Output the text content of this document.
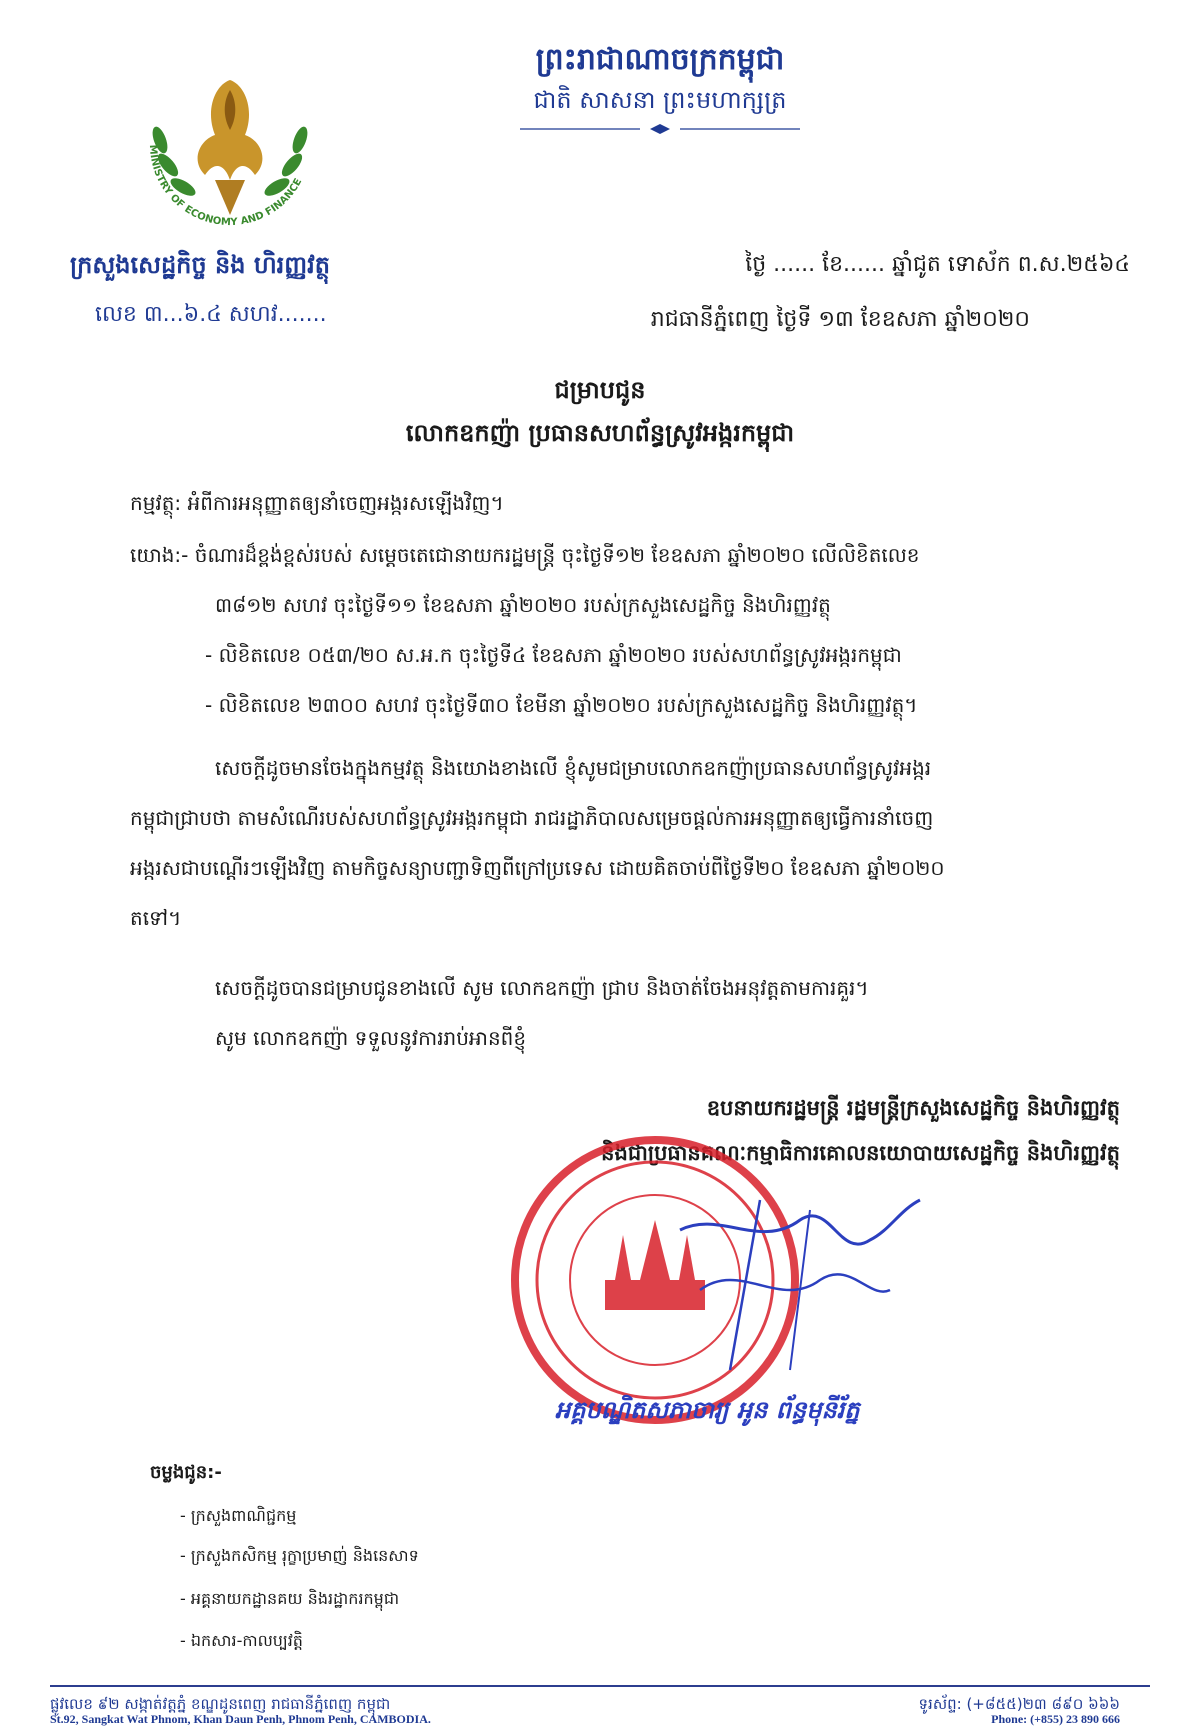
MINISTRY OF ECONOMY AND FINANCE
ក្រសួងសេដ្ឋកិច្ច និង ហិរញ្ញវត្ថុ
លេខ ៣...៦.៤ សហវ.......
ព្រះរាជាណាចក្រកម្ពុជា
ជាតិ សាសនា ព្រះមហាក្សត្រ
ថ្ងៃ ...... ខែ...... ឆ្នាំជូត ទោស័ក ព.ស.២៥៦៤
រាជធានីភ្នំពេញ ថ្ងៃទី ១៣ ខែឧសភា ឆ្នាំ២០២០
ជម្រាបជូន
លោកឧកញ៉ា ប្រធានសហព័ន្ធស្រូវអង្ករកម្ពុជា
កម្មវត្ថុ: អំពីការអនុញ្ញាតឲ្យនាំចេញអង្ករសឡើងវិញ។
យោង:- ចំណារដ៏ខ្ពង់ខ្ពស់របស់ សម្តេចតេជោនាយករដ្ឋមន្ត្រី ចុះថ្ងៃទី១២ ខែឧសភា ឆ្នាំ២០២០ លើលិខិតលេខ
៣៨១២ សហវ ចុះថ្ងៃទី១១ ខែឧសភា ឆ្នាំ២០២០ របស់ក្រសួងសេដ្ឋកិច្ច និងហិរញ្ញវត្ថុ
- លិខិតលេខ ០៥៣/២០ ស.អ.ក ចុះថ្ងៃទី៤ ខែឧសភា ឆ្នាំ២០២០ របស់សហព័ន្ធស្រូវអង្ករកម្ពុជា
- លិខិតលេខ ២៣០០ សហវ ចុះថ្ងៃទី៣០ ខែមីនា ឆ្នាំ២០២០ របស់ក្រសួងសេដ្ឋកិច្ច និងហិរញ្ញវត្ថុ។
សេចក្តីដូចមានចែងក្នុងកម្មវត្ថុ និងយោងខាងលើ ខ្ញុំសូមជម្រាបលោកឧកញ៉ាប្រធានសហព័ន្ធស្រូវអង្ករ
កម្ពុជាជ្រាបថា តាមសំណើរបស់សហព័ន្ធស្រូវអង្ករកម្ពុជា រាជរដ្ឋាភិបាលសម្រេចផ្តល់ការអនុញ្ញាតឲ្យធ្វើការនាំចេញ
អង្ករសជាបណ្តើរៗឡើងវិញ តាមកិច្ចសន្យាបញ្ជាទិញពីក្រៅប្រទេស ដោយគិតចាប់ពីថ្ងៃទី២០ ខែឧសភា ឆ្នាំ២០២០
តទៅ។
សេចក្តីដូចបានជម្រាបជូនខាងលើ សូម លោកឧកញ៉ា ជ្រាប និងចាត់ចែងអនុវត្តតាមការគួរ។
សូម លោកឧកញ៉ា ទទួលនូវការរាប់អានពីខ្ញុំ
ឧបនាយករដ្ឋមន្ត្រី រដ្ឋមន្ត្រីក្រសួងសេដ្ឋកិច្ច និងហិរញ្ញវត្ថុ
និងជាប្រធានគណៈកម្មាធិការគោលនយោបាយសេដ្ឋកិច្ច និងហិរញ្ញវត្ថុ
អគ្គបណ្ឌិតសភាចារ្យ អូន ព័ន្ធមុនីរ័ត្ន
ចម្លងជូន:-
- ក្រសួងពាណិជ្ជកម្ម
- ក្រសួងកសិកម្ម រុក្ខាប្រមាញ់ និងនេសាទ
- អគ្គនាយកដ្ឋានគយ និងរដ្ឋាករកម្ពុជា
- ឯកសារ-កាលប្បវត្តិ
ផ្លូវលេខ ៩២ សង្កាត់វត្តភ្នំ ខណ្ឌដូនពេញ រាជធានីភ្នំពេញ កម្ពុជា
St.92, Sangkat Wat Phnom, Khan Daun Penh, Phnom Penh, CAMBODIA.
ទូរស័ព្ទ: (+៨៥៥)២៣ ៨៩០ ៦៦៦
Phone: (+855) 23 890 666
